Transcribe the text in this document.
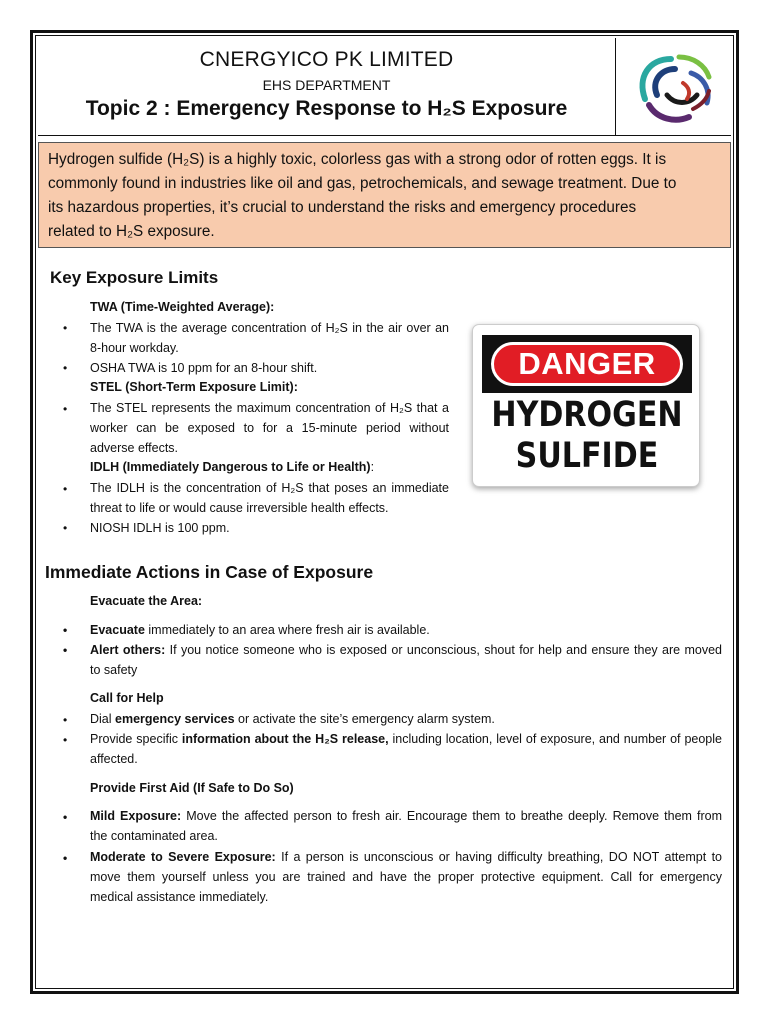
CNERGYICO PK LIMITED
EHS DEPARTMENT
Topic 2 : Emergency Response to H₂S Exposure
Hydrogen sulfide (H₂S) is a highly toxic, colorless gas with a strong odor of rotten eggs. It is
commonly found in industries like oil and gas, petrochemicals, and sewage treatment. Due to
its hazardous properties, it’s crucial to understand the risks and emergency procedures
related to H₂S exposure.
Key Exposure Limits
TWA (Time-Weighted Average):
• The TWA is the average concentration of H₂S in the air over an
8-hour workday.
• OSHA TWA is 10 ppm for an 8-hour shift.
STEL (Short-Term Exposure Limit):
• The STEL represents the maximum concentration of H₂S that a
worker can be exposed to for a 15-minute period without
adverse effects.
IDLH (Immediately Dangerous to Life or Health):
• The IDLH is the concentration of H₂S that poses an immediate
threat to life or would cause irreversible health effects.
• NIOSH IDLH is 100 ppm.
DANGER
HYDROGEN
SULFIDE
Immediate Actions in Case of Exposure
Evacuate the Area:
• Evacuate immediately to an area where fresh air is available.
• Alert others: If you notice someone who is exposed or unconscious, shout for help and ensure they are moved
to safety
Call for Help
• Dial emergency services or activate the site’s emergency alarm system.
• Provide specific information about the H₂S release, including location, level of exposure, and number of people
affected.
Provide First Aid (If Safe to Do So)
• Mild Exposure: Move the affected person to fresh air. Encourage them to breathe deeply. Remove them from
the contaminated area.
• Moderate to Severe Exposure: If a person is unconscious or having difficulty breathing, DO NOT attempt to
move them yourself unless you are trained and have the proper protective equipment. Call for emergency
medical assistance immediately.
